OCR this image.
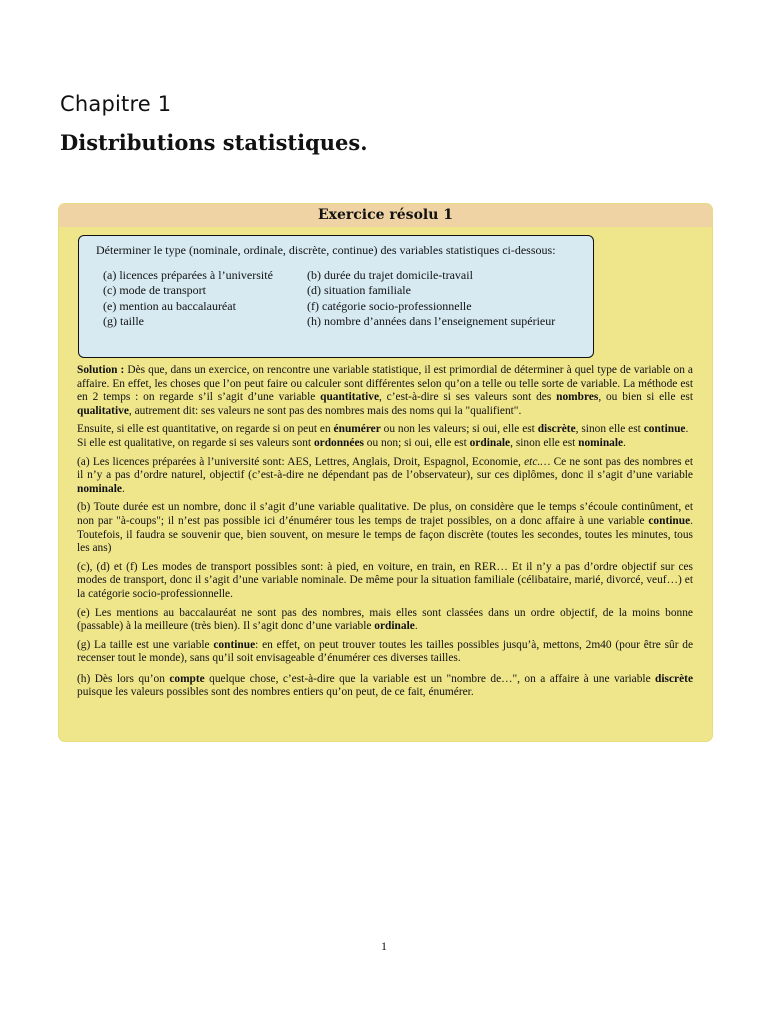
Chapitre 1
Distributions statistiques.
Exercice résolu 1
Déterminer le type (nominale, ordinale, discrète, continue) des variables statistiques ci-dessous:
(a) licences préparées à l’université	(b) durée du trajet domicile-travail
(c) mode de transport	(d) situation familiale
(e) mention au baccalauréat	(f) catégorie socio-professionnelle
(g) taille	(h) nombre d’années dans l’enseignement supérieur

Solution : Dès que, dans un exercice, on rencontre une variable statistique, il est primordial de déterminer à quel type de variable on a affaire. En effet, les choses que l’on peut faire ou calculer sont différentes selon qu’on a telle ou telle sorte de variable. La méthode est en 2 temps : on regarde s’il s’agit d’une variable quantitative, c’est-à-dire si ses valeurs sont des nombres, ou bien si elle est qualitative, autrement dit: ses valeurs ne sont pas des nombres mais des noms qui la "qualifient".

Ensuite, si elle est quantitative, on regarde si on peut en énumérer ou non les valeurs; si oui, elle est discrète, sinon elle est continue.
Si elle est qualitative, on regarde si ses valeurs sont ordonnées ou non; si oui, elle est ordinale, sinon elle est nominale.

(a) Les licences préparées à l’université sont: AES, Lettres, Anglais, Droit, Espagnol, Economie, etc.… Ce ne sont pas des nombres et il n’y a pas d’ordre naturel, objectif (c’est-à-dire ne dépendant pas de l’observateur), sur ces diplômes, donc il s’agit d’une variable nominale.

(b) Toute durée est un nombre, donc il s’agit d’une variable qualitative. De plus, on considère que le temps s’écoule continûment, et non par "à-coups"; il n’est pas possible ici d’énumérer tous les temps de trajet possibles, on a donc affaire à une variable continue. Toutefois, il faudra se souvenir que, bien souvent, on mesure le temps de façon discrète (toutes les secondes, toutes les minutes, tous les ans)

(c), (d) et (f) Les modes de transport possibles sont: à pied, en voiture, en train, en RER… Et il n’y a pas d’ordre objectif sur ces modes de transport, donc il s’agit d’une variable nominale. De même pour la situation familiale (célibataire, marié, divorcé, veuf…) et la catégorie socio-professionnelle.

(e) Les mentions au baccalauréat ne sont pas des nombres, mais elles sont classées dans un ordre objectif, de la moins bonne (passable) à la meilleure (très bien). Il s’agit donc d’une variable ordinale.

(g) La taille est une variable continue: en effet, on peut trouver toutes les tailles possibles jusqu’à, mettons, 2m40 (pour être sûr de recenser tout le monde), sans qu’il soit envisageable d’énumérer ces diverses tailles.

(h) Dès lors qu’on compte quelque chose, c’est-à-dire que la variable est un "nombre de…", on a affaire à une variable discrète puisque les valeurs possibles sont des nombres entiers qu’on peut, de ce fait, énumérer.

1
